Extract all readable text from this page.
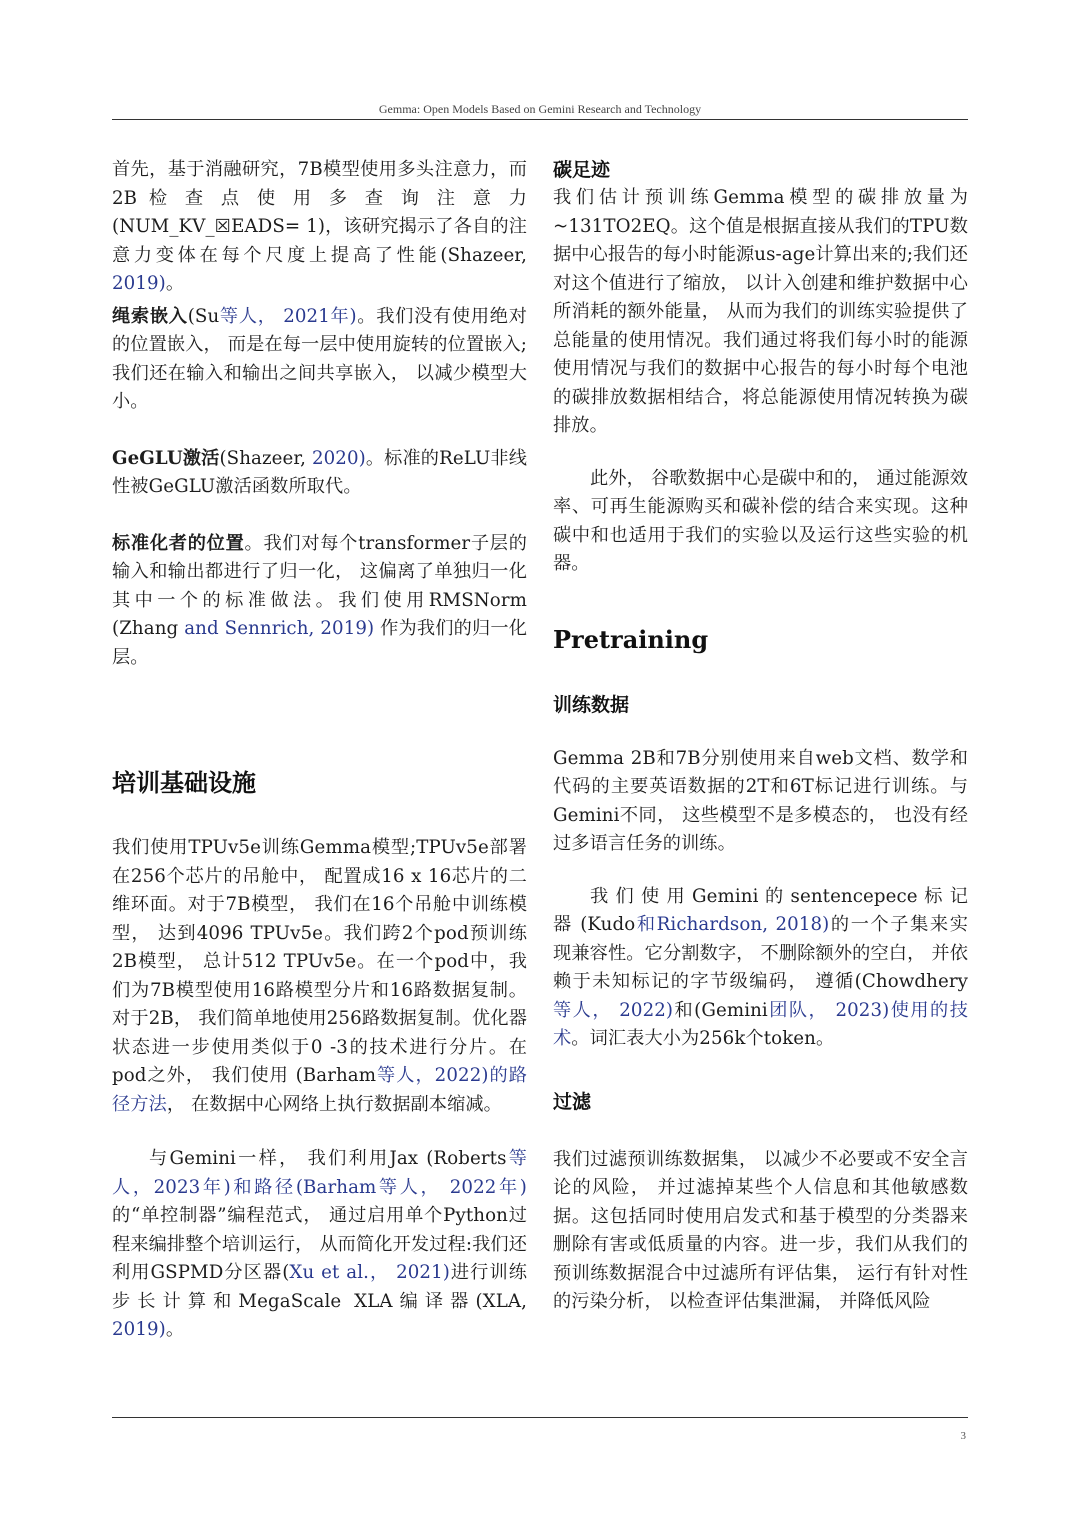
Gemma: Open Models Based on Gemini Research and Technology

首先，基于消融研究，7B模型使用多头注意力，而 2B 检 查 点 使 用 多 查 询 注 意 力 (NUM_KV_☒EADS= 1)，该研究揭示了各自的注意力变体在每个尺度上提高了性能(Shazeer, 2019)。

绳索嵌入(Su等人， 2021年)。我们没有使用绝对的位置嵌入， 而是在每一层中使用旋转的位置嵌入;我们还在输入和输出之间共享嵌入， 以减少模型大小。

GeGLU激活(Shazeer, 2020)。标准的ReLU非线性被GeGLU激活函数所取代。

标准化者的位置。我们对每个transformer子层的输入和输出都进行了归一化， 这偏离了单独归一化其中一个的标准做法。我们使用RMSNorm (Zhang and Sennrich, 2019) 作为我们的归一化层。

培训基础设施

我们使用TPUv5e训练Gemma模型;TPUv5e部署在256个芯片的吊舱中， 配置成16 x 16芯片的二维环面。对于7B模型， 我们在16个吊舱中训练模型， 达到4096 TPUv5e。我们跨2个pod预训练2B模型， 总计512 TPUv5e。在一个pod中，我们为7B模型使用16路模型分片和16路数据复制。对于2B， 我们简单地使用256路数据复制。优化器状态进一步使用类似于0 -3的技术进行分片。在pod之外， 我们使用 (Barham等人，2022)的路径方法， 在数据中心网络上执行数据副本缩减。

与Gemini一样， 我们利用Jax (Roberts等人，2023年)和路径(Barham等人， 2022年)的“单控制器”编程范式， 通过启用单个Python过程来编排整个培训运行， 从而简化开发过程:我们还利用GSPMD分区器(Xu et al.， 2021)进行训练步长计算和MegaScale XLA编译器(XLA, 2019)。

碳足迹

我们估计预训练Gemma模型的碳排放量为~131TO2EQ。这个值是根据直接从我们的TPU数据中心报告的每小时能源us-age计算出来的;我们还对这个值进行了缩放， 以计入创建和维护数据中心所消耗的额外能量， 从而为我们的训练实验提供了总能量的使用情况。我们通过将我们每小时的能源使用情况与我们的数据中心报告的每小时每个电池的碳排放数据相结合，将总能源使用情况转换为碳排放。

此外， 谷歌数据中心是碳中和的， 通过能源效率、可再生能源购买和碳补偿的结合来实现。这种碳中和也适用于我们的实验以及运行这些实验的机器。

Pretraining
训练数据

Gemma 2B和7B分别使用来自web文档、数学和代码的主要英语数据的2T和6T标记进行训练。与Gemini不同， 这些模型不是多模态的， 也没有经过多语言任务的训练。

我 们 使 用 Gemini 的 sentencepece 标 记 器 (Kudo和Richardson, 2018)的一个子集来实现兼容性。它分割数字， 不删除额外的空白， 并依赖于未知标记的字节级编码， 遵循(Chowdhery 等人， 2022)和(Gemini团队， 2023)使用的技术。词汇表大小为256k个token。

过滤

我们过滤预训练数据集， 以减少不必要或不安全言论的风险， 并过滤掉某些个人信息和其他敏感数据。这包括同时使用启发式和基于模型的分类器来删除有害或低质量的内容。进一步，我们从我们的预训练数据混合中过滤所有评估集， 运行有针对性的污染分析， 以检查评估集泄漏， 并降低风险

3
